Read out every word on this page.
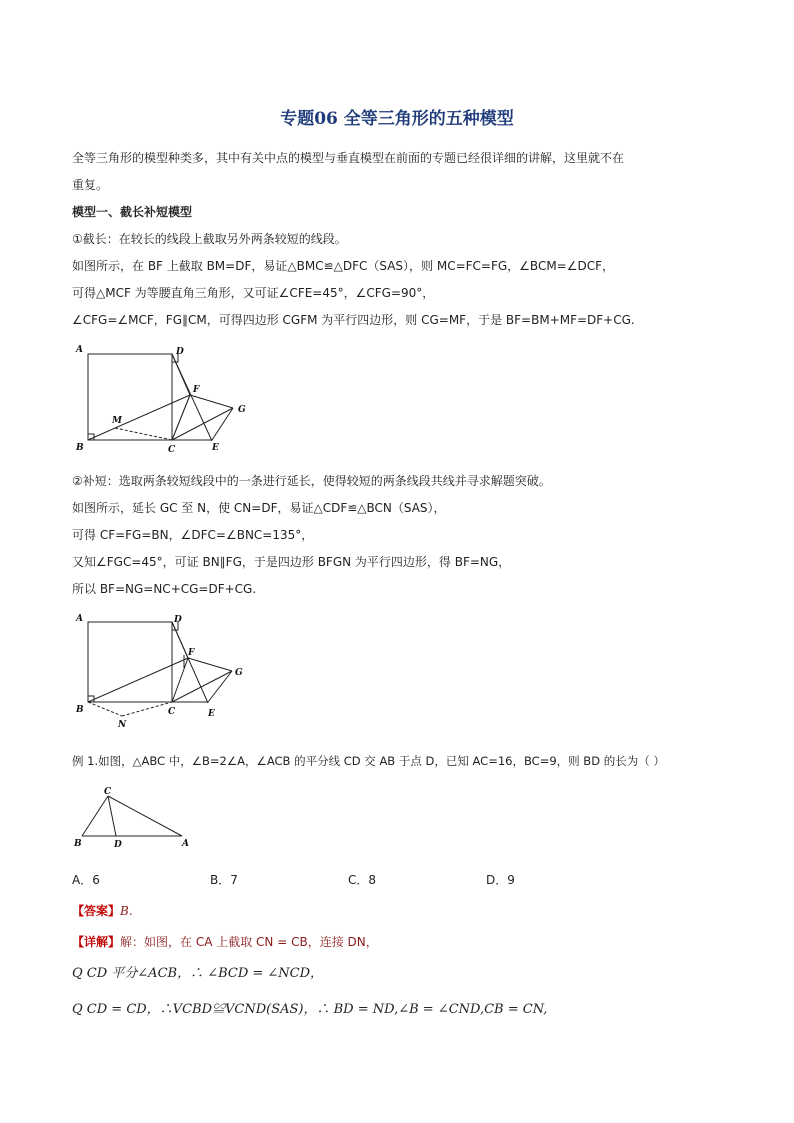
专题06 全等三角形的五种模型
全等三角形的模型种类多，其中有关中点的模型与垂直模型在前面的专题已经很详细的讲解，这里就不在
重复。
模型一、截长补短模型
①截长：在较长的线段上截取另外两条较短的线段。
如图所示，在 BF 上截取 BM=DF，易证△BMC≌△DFC（SAS），则 MC=FC=FG，∠BCM=∠DCF，
可得△MCF 为等腰直角三角形，又可证∠CFE=45°，∠CFG=90°，
∠CFG=∠MCF，FG∥CM，可得四边形 CGFM 为平行四边形，则 CG=MF，于是 BF=BM+MF=DF+CG.
A	D
F
M
G
B	C	E
②补短：选取两条较短线段中的一条进行延长，使得较短的两条线段共线并寻求解题突破。
如图所示，延长 GC 至 N，使 CN=DF，易证△CDF≌△BCN（SAS），
可得 CF=FG=BN，∠DFC=∠BNC=135°，
又知∠FGC=45°，可证 BN∥FG，于是四边形 BFGN 为平行四边形，得 BF=NG，
所以 BF=NG=NC+CG=DF+CG.
A	D
F
G
B	C	E
N
例 1.如图，△ABC 中，∠B=2∠A，∠ACB 的平分线 CD 交 AB 于点 D，已知 AC=16，BC=9，则 BD 的长为（ ）
C
B	D	A
A．6	B．7	C．8	D．9
【答案】B.
【详解】解：如图，在 CA 上截取 CN = CB，连接 DN，
Q CD 平分∠ACB，∴ ∠BCD = ∠NCD，
Q CD = CD，∴VCBD≌VCND(SAS)，∴ BD = ND,∠B = ∠CND,CB = CN,
